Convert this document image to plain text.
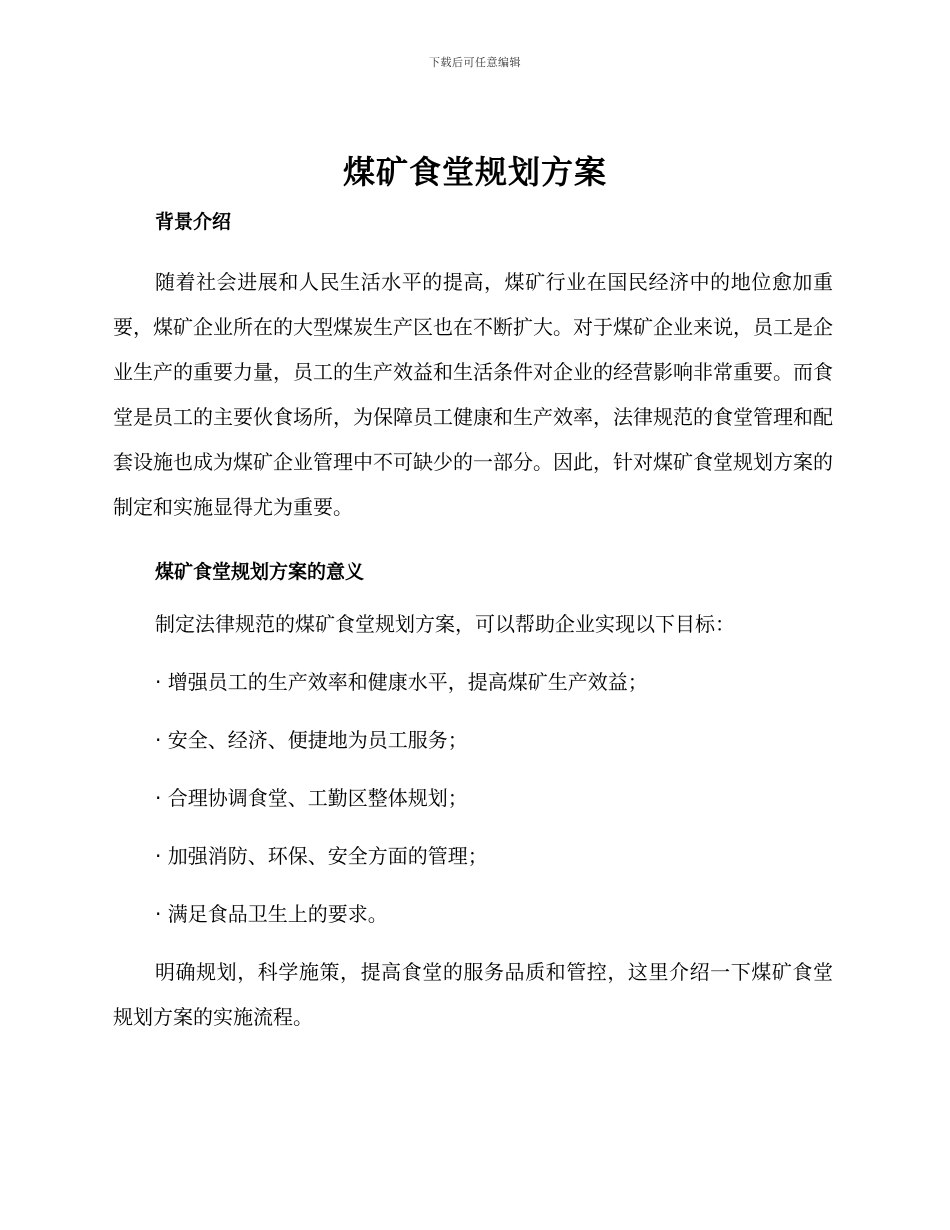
下载后可任意编辑
煤矿食堂规划方案

背景介绍

随着社会进展和人民生活水平的提高，煤矿行业在国民经济中的地位愈加重要，煤矿企业所在的大型煤炭生产区也在不断扩大。对于煤矿企业来说，员工是企业生产的重要力量，员工的生产效益和生活条件对企业的经营影响非常重要。而食堂是员工的主要伙食场所，为保障员工健康和生产效率，法律规范的食堂管理和配套设施也成为煤矿企业管理中不可缺少的一部分。因此，针对煤矿食堂规划方案的制定和实施显得尤为重要。

煤矿食堂规划方案的意义

制定法律规范的煤矿食堂规划方案，可以帮助企业实现以下目标：

· 增强员工的生产效率和健康水平，提高煤矿生产效益；

· 安全、经济、便捷地为员工服务；

· 合理协调食堂、工勤区整体规划；

· 加强消防、环保、安全方面的管理；

· 满足食品卫生上的要求。

明确规划，科学施策，提高食堂的服务品质和管控，这里介绍一下煤矿食堂规划方案的实施流程。
